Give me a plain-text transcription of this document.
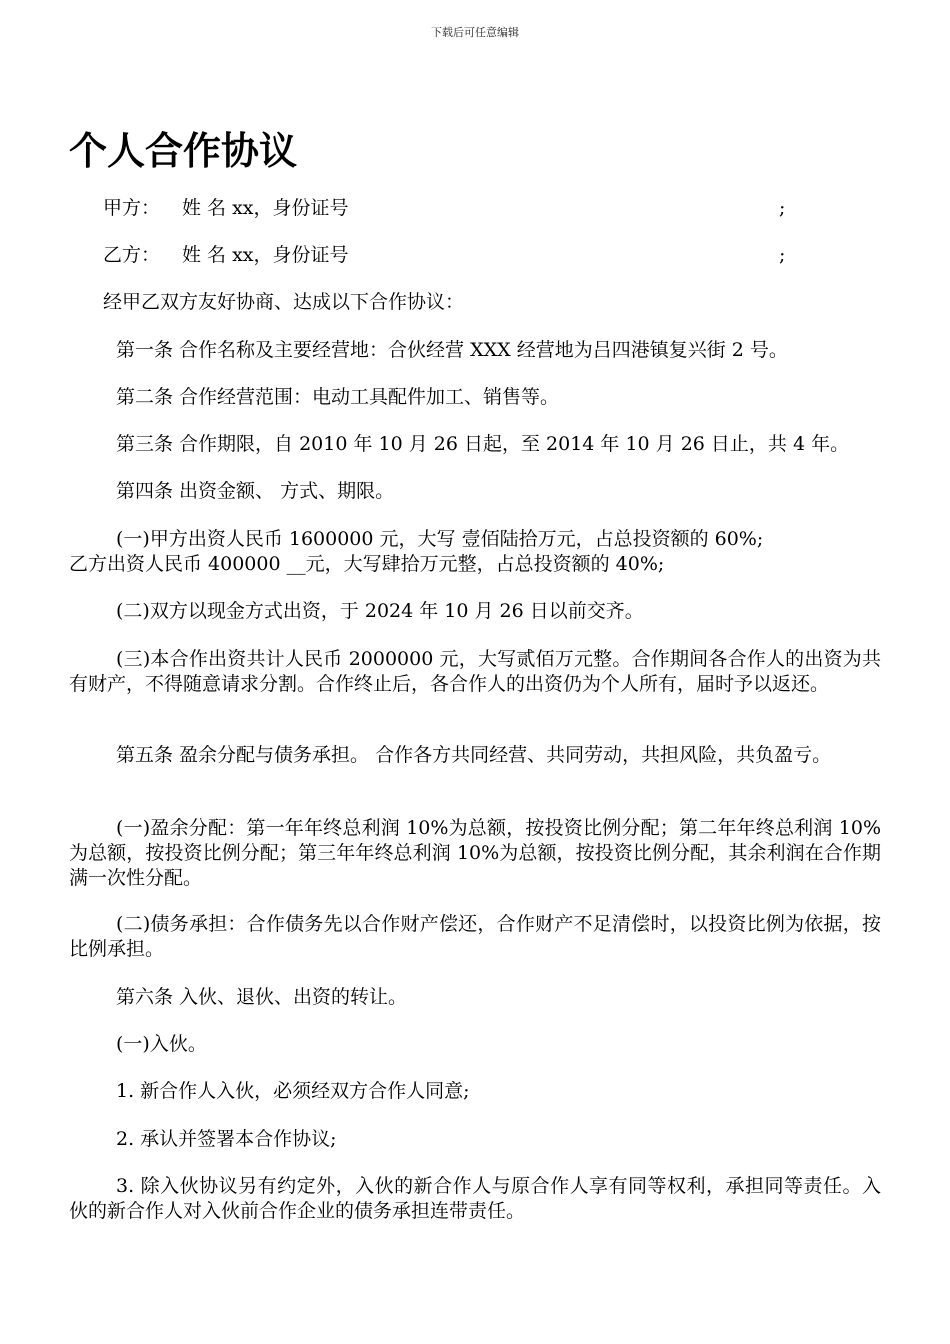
下载后可任意编辑
个人合作协议
甲方： 姓 名 xx，身份证号	;
乙方： 姓 名 xx，身份证号	;
经甲乙双方友好协商、达成以下合作协议：
第一条 合作名称及主要经营地：合伙经营 XXX 经营地为吕四港镇复兴街 2 号。
第二条 合作经营范围：电动工具配件加工、销售等。
第三条 合作期限，自 2010 年 10 月 26 日起，至 2014 年 10 月 26 日止，共 4 年。
第四条 出资金额、 方式、期限。
(一)甲方出资人民币 1600000 元，大写 壹佰陆拾万元，占总投资额的 60%;
乙方出资人民币 400000 __元，大写肆拾万元整，占总投资额的 40%;
(二)双方以现金方式出资，于 2024 年 10 月 26 日以前交齐。
(三)本合作出资共计人民币 2000000 元，大写贰佰万元整。合作期间各合作人的出资为共有财产，不得随意请求分割。合作终止后，各合作人的出资仍为个人所有，届时予以返还。
第五条 盈余分配与债务承担。 合作各方共同经营、共同劳动，共担风险，共负盈亏。
(一)盈余分配：第一年年终总利润 10%为总额，按投资比例分配；第二年年终总利润 10%为总额，按投资比例分配；第三年年终总利润 10%为总额，按投资比例分配，其余利润在合作期满一次性分配。
(二)债务承担：合作债务先以合作财产偿还，合作财产不足清偿时，以投资比例为依据，按比例承担。
第六条 入伙、退伙、出资的转让。
(一)入伙。
1. 新合作人入伙，必须经双方合作人同意;
2. 承认并签署本合作协议;
3. 除入伙协议另有约定外，入伙的新合作人与原合作人享有同等权利，承担同等责任。入伙的新合作人对入伙前合作企业的债务承担连带责任。
